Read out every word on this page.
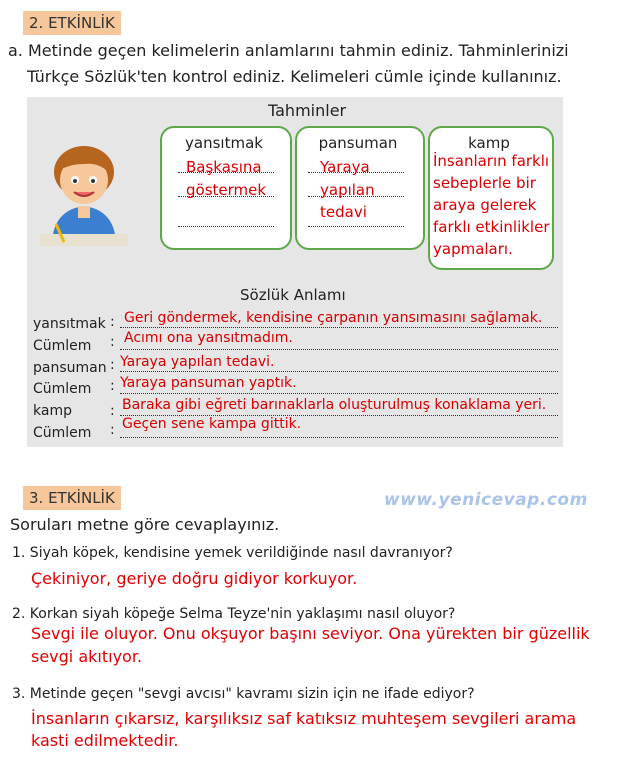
2. ETKİNLİK
a. Metinde geçen kelimelerin anlamlarını tahmin ediniz. Tahminlerinizi
Türkçe Sözlük'ten kontrol ediniz. Kelimeleri cümle içinde kullanınız.
Tahminler
yansıtmak
Başkasına
göstermek
pansuman
Yaraya
yapılan
tedavi
kamp
İnsanların farklı
sebeplerle bir
araya gelerek
farklı etkinlikler
yapmaları.
Sözlük Anlamı
yansıtmak : Geri göndermek, kendisine çarpanın yansımasını sağlamak.
Cümlem : Acımı ona yansıtmadım.
pansuman : Yaraya yapılan tedavi.
Cümlem : Yaraya pansuman yaptık.
kamp	: Baraka gibi eğreti barınaklarla oluşturulmuş konaklama yeri.
Cümlem : Geçen sene kampa gittik.
3. ETKİNLİK	www.yenicevap.com
Soruları metne göre cevaplayınız.
1. Siyah köpek, kendisine yemek verildiğinde nasıl davranıyor?
Çekiniyor, geriye doğru gidiyor korkuyor.
2. Korkan siyah köpeğe Selma Teyze'nin yaklaşımı nasıl oluyor?
Sevgi ile oluyor. Onu okşuyor başını seviyor. Ona yürekten bir güzellik
sevgi akıtıyor.
3. Metinde geçen "sevgi avcısı" kavramı sizin için ne ifade ediyor?
İnsanların çıkarsız, karşılıksız saf katıksız muhteşem sevgileri arama
kasti edilmektedir.
